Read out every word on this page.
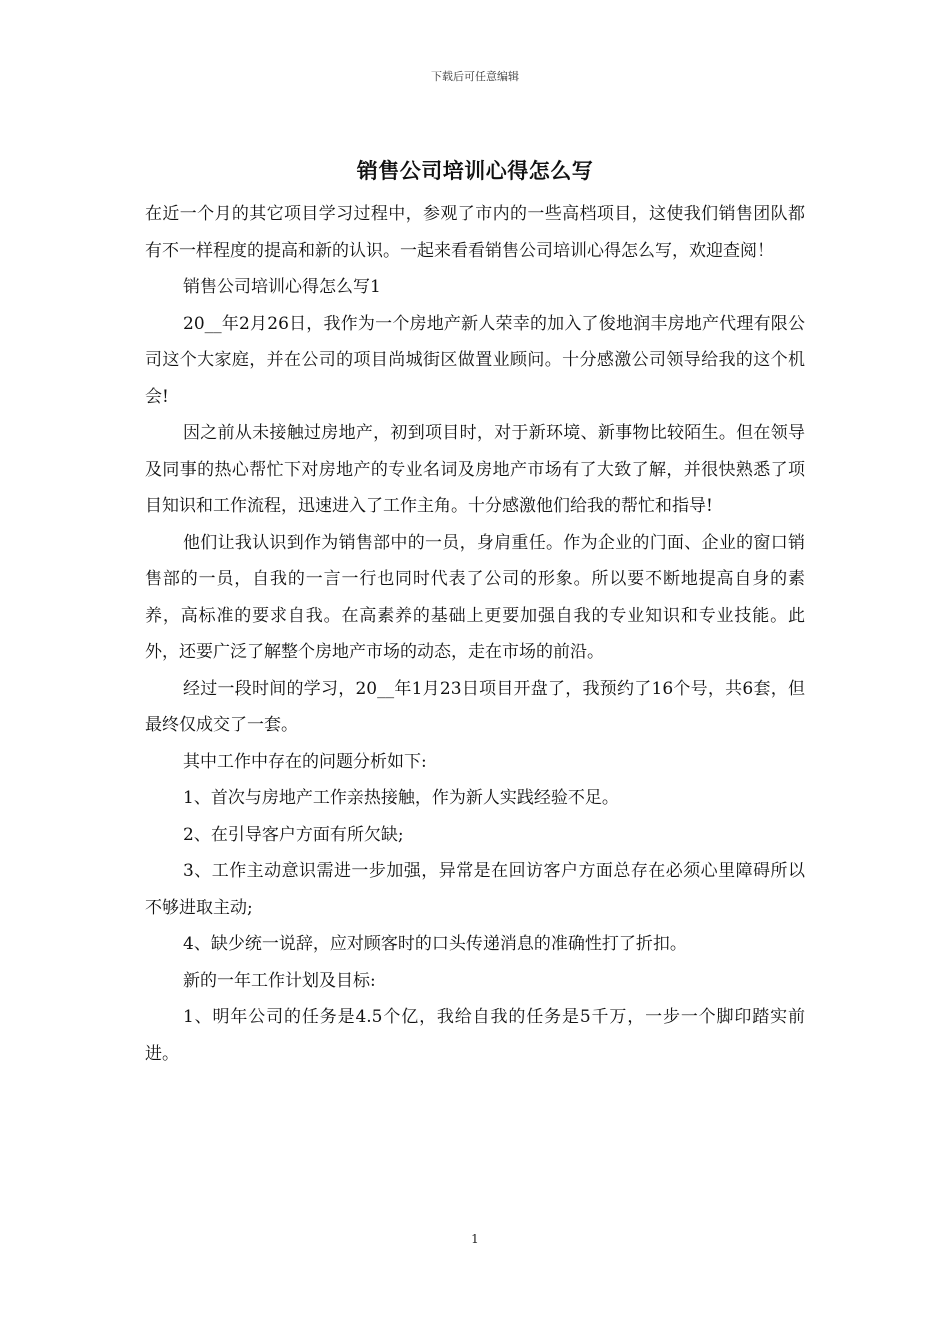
下载后可任意编辑
销售公司培训心得怎么写

在近一个月的其它项目学习过程中，参观了市内的一些高档项目，这使我们销售团队都有不一样程度的提高和新的认识。一起来看看销售公司培训心得怎么写，欢迎查阅！

销售公司培训心得怎么写1

20__年2月26日，我作为一个房地产新人荣幸的加入了俊地润丰房地产代理有限公司这个大家庭，并在公司的项目尚城街区做置业顾问。十分感激公司领导给我的这个机会!

因之前从未接触过房地产，初到项目时，对于新环境、新事物比较陌生。但在领导及同事的热心帮忙下对房地产的专业名词及房地产市场有了大致了解，并很快熟悉了项目知识和工作流程，迅速进入了工作主角。十分感激他们给我的帮忙和指导!

他们让我认识到作为销售部中的一员，身肩重任。作为企业的门面、企业的窗口销售部的一员，自我的一言一行也同时代表了公司的形象。所以要不断地提高自身的素养，高标准的要求自我。在高素养的基础上更要加强自我的专业知识和专业技能。此外，还要广泛了解整个房地产市场的动态，走在市场的前沿。

经过一段时间的学习，20__年1月23日项目开盘了，我预约了16个号，共6套，但最终仅成交了一套。

其中工作中存在的问题分析如下:

1、首次与房地产工作亲热接触，作为新人实践经验不足。

2、在引导客户方面有所欠缺;

3、工作主动意识需进一步加强，异常是在回访客户方面总存在必须心里障碍所以不够进取主动;

4、缺少统一说辞，应对顾客时的口头传递消息的准确性打了折扣。

新的一年工作计划及目标:

1、明年公司的任务是4.5个亿，我给自我的任务是5千万，一步一个脚印踏实前进。

1
